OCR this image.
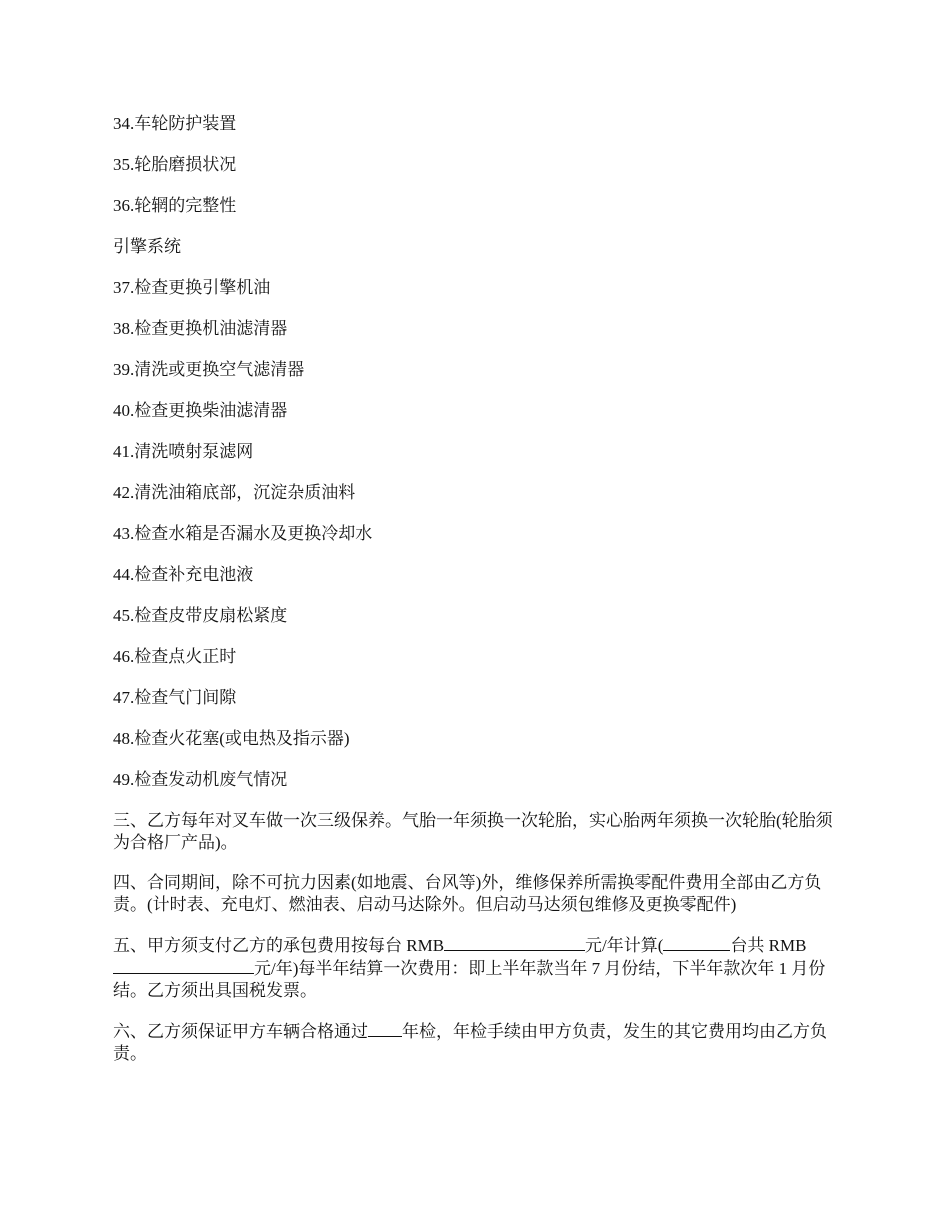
34.车轮防护装置
35.轮胎磨损状况
36.轮辋的完整性
引擎系统
37.检查更换引擎机油
38.检查更换机油滤清器
39.清洗或更换空气滤清器
40.检查更换柴油滤清器
41.清洗喷射泵滤网
42.清洗油箱底部，沉淀杂质油料
43.检查水箱是否漏水及更换冷却水
44.检查补充电池液
45.检查皮带皮扇松紧度
46.检查点火正时
47.检查气门间隙
48.检查火花塞(或电热及指示器)
49.检查发动机废气情况

三、乙方每年对叉车做一次三级保养。气胎一年须换一次轮胎，实心胎两年须换一次轮胎(轮胎须为合格厂产品)。

四、合同期间，除不可抗力因素(如地震、台风等)外，维修保养所需换零配件费用全部由乙方负责。(计时表、充电灯、燃油表、启动马达除外。但启动马达须包维修及更换零配件)

五、甲方须支付乙方的承包费用按每台 RMB	元/年计算(	台共 RMB元/年)每半年结算一次费用：即上半年款当年 7 月份结，下半年款次年 1 月份结。乙方须出具国税发票。

六、乙方须保证甲方车辆合格通过 年检，年检手续由甲方负责，发生的其它费用均由乙方负责。
